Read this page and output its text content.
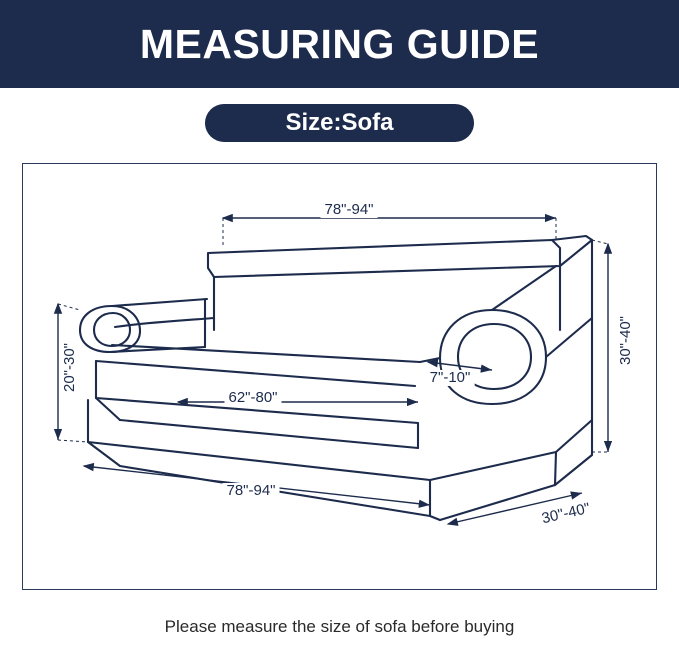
MEASURING GUIDE
Size:Sofa
78"-94"
62"-80"
78"-94"
30"-40"
20"-30"
30"-40"
7"-10"
Please measure the size of sofa before buying
